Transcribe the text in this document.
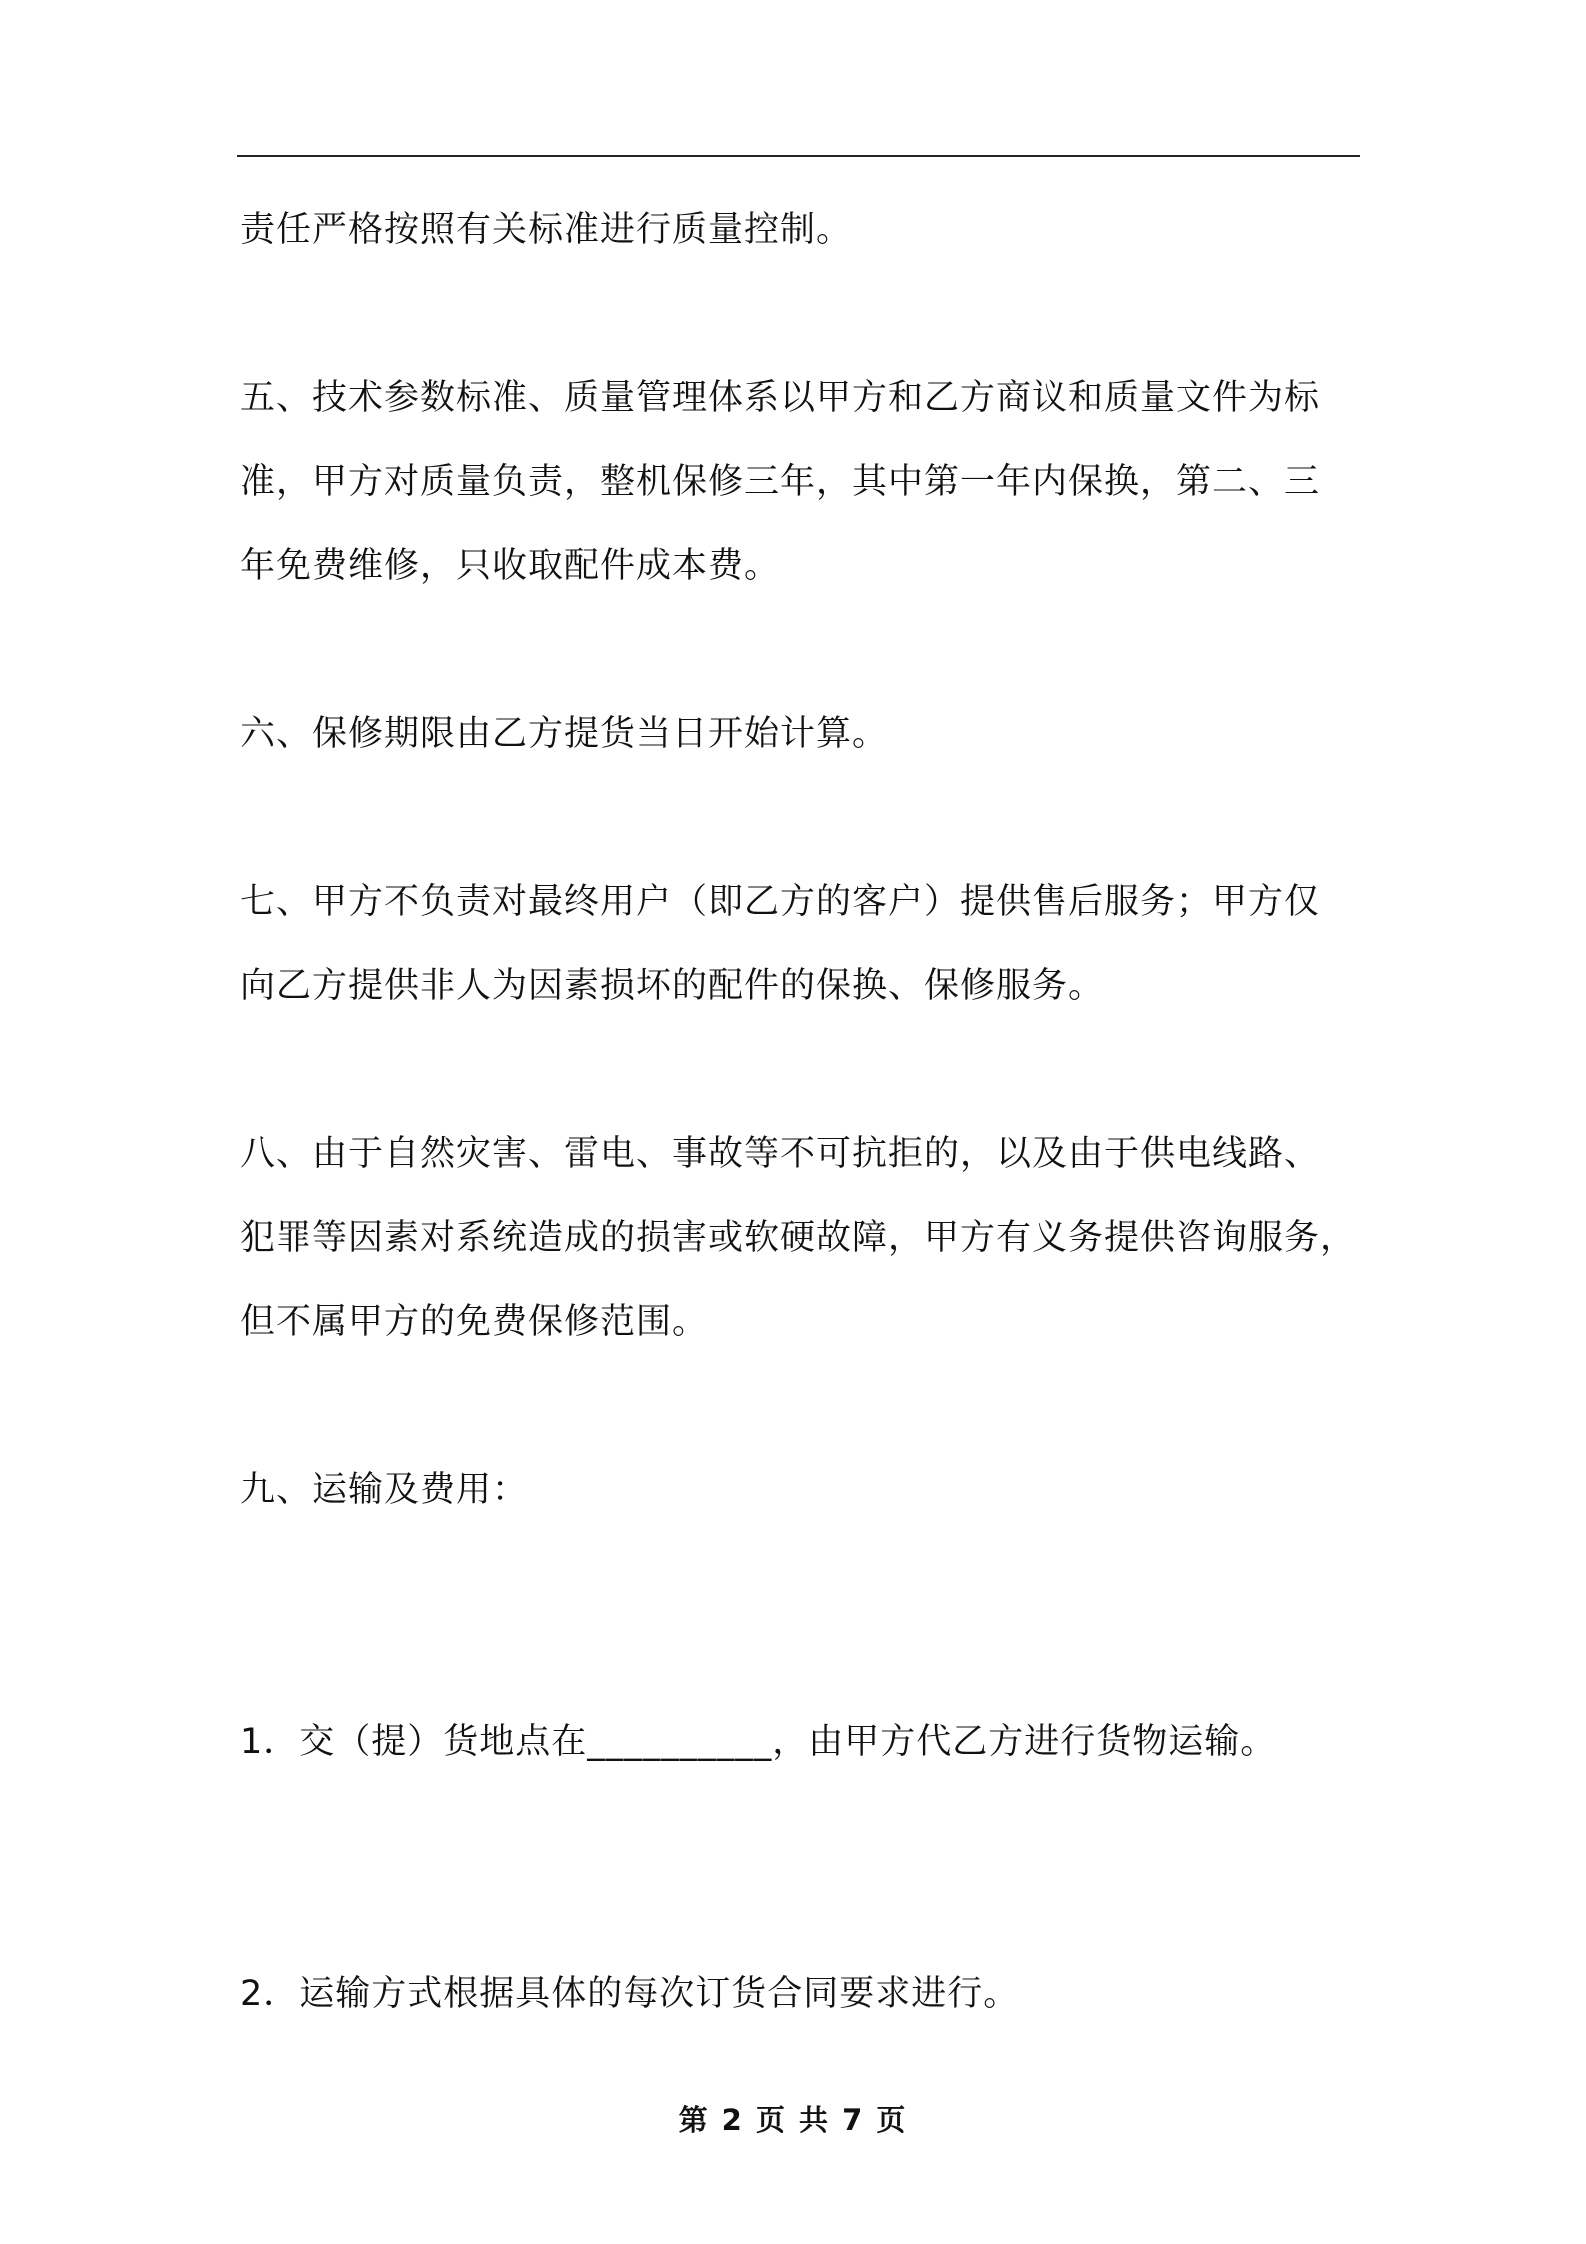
责任严格按照有关标准进行质量控制。
五、技术参数标准、质量管理体系以甲方和乙方商议和质量文件为标
准，甲方对质量负责，整机保修三年，其中第一年内保换，第二、三
年免费维修，只收取配件成本费。
六、保修期限由乙方提货当日开始计算。
七、甲方不负责对最终用户（即乙方的客户）提供售后服务；甲方仅
向乙方提供非人为因素损坏的配件的保换、保修服务。
八、由于自然灾害、雷电、事故等不可抗拒的，以及由于供电线路、
犯罪等因素对系统造成的损害或软硬故障，甲方有义务提供咨询服务，
但不属甲方的免费保修范围。
九、运输及费用：
1．交（提）货地点在__________，由甲方代乙方进行货物运输。
2．运输方式根据具体的每次订货合同要求进行。
第 2 页 共 7 页
